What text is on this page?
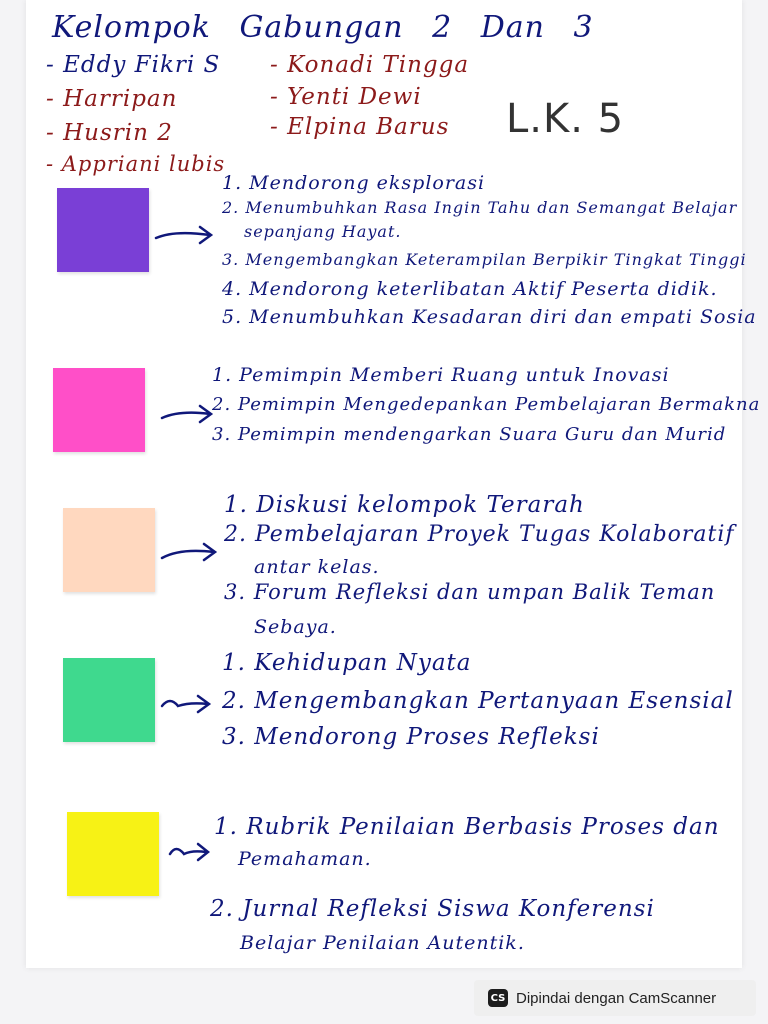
Kelompok Gabungan 2 Dan 3
- Eddy Fikri S
- Harripan
- Husrin 2
- Appriani lubis
- Konadi Tingga
- Yenti Dewi
- Elpina Barus L.K. 5
1. Mendorong eksplorasi
2. Menumbuhkan Rasa Ingin Tahu dan Semangat Belajar
sepanjang Hayat.
3. Mengembangkan Keterampilan Berpikir Tingkat Tinggi
4. Mendorong keterlibatan Aktif Peserta didik.
5. Menumbuhkan Kesadaran diri dan empati Sosia
1. Pemimpin Memberi Ruang untuk Inovasi
2. Pemimpin Mengedepankan Pembelajaran Bermakna
3. Pemimpin mendengarkan Suara Guru dan Murid
1. Diskusi kelompok Terarah
2. Pembelajaran Proyek Tugas Kolaboratif
antar kelas.
3. Forum Refleksi dan umpan Balik Teman
Sebaya.
1. Kehidupan Nyata
2. Mengembangkan Pertanyaan Esensial
3. Mendorong Proses Refleksi
1. Rubrik Penilaian Berbasis Proses dan
Pemahaman.
2. Jurnal Refleksi Siswa Konferensi
Belajar Penilaian Autentik.
CS Dipindai dengan CamScanner
